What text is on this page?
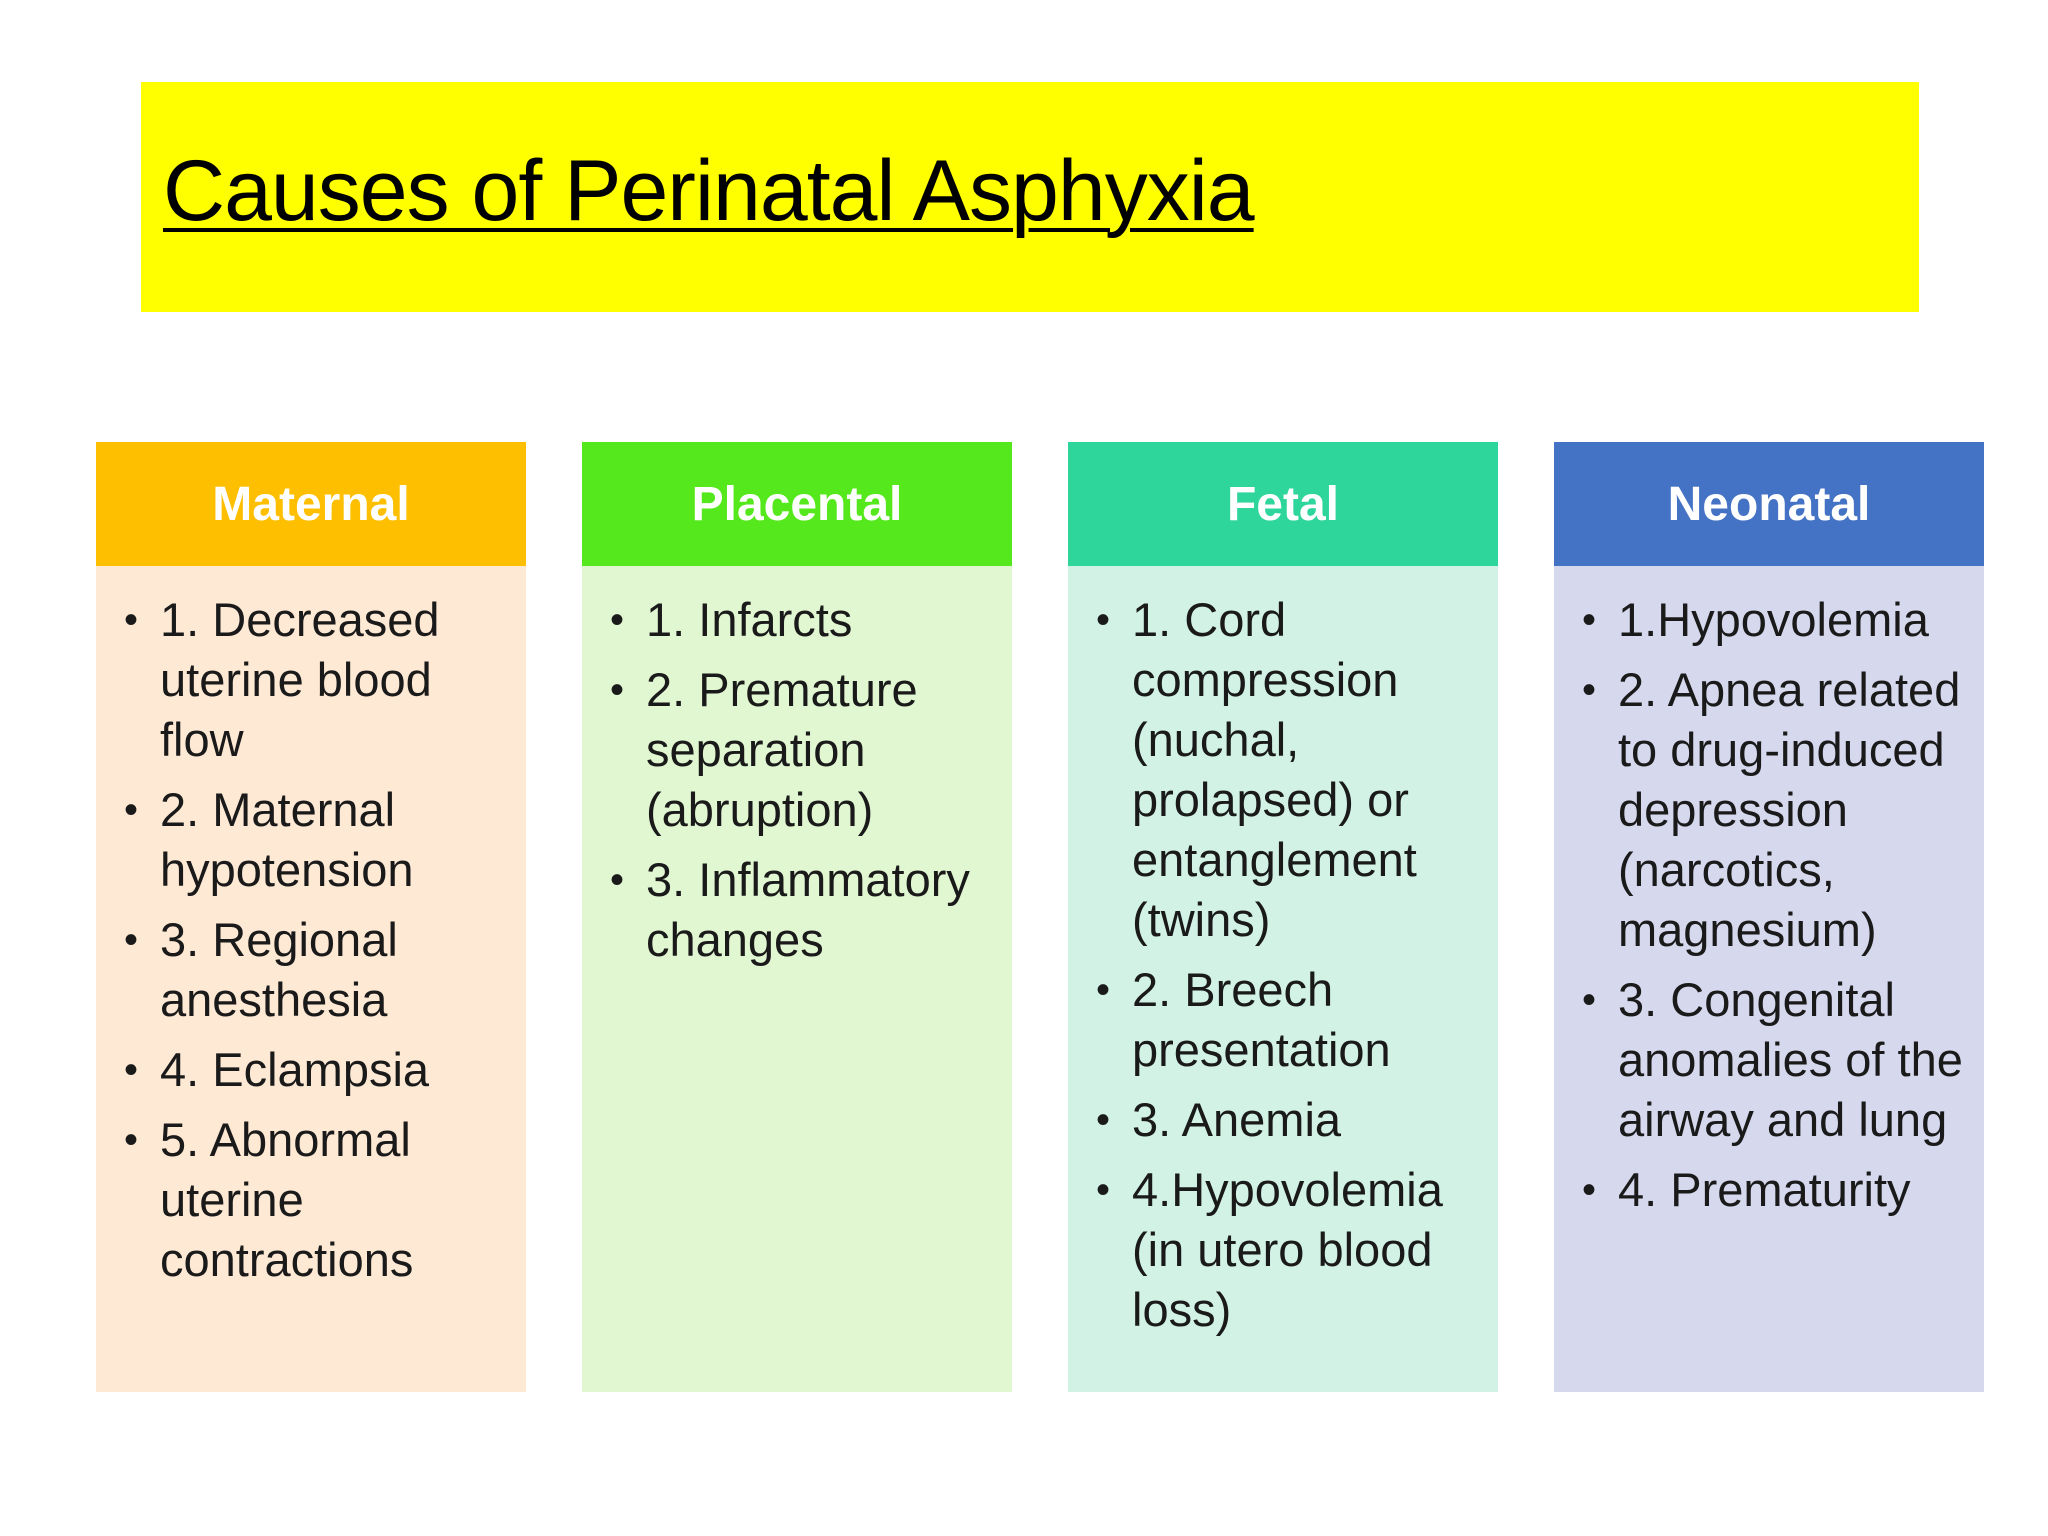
Causes of Perinatal Asphyxia
Maternal
• 1. Decreased uterine blood flow
• 2. Maternal hypotension
• 3. Regional anesthesia
• 4. Eclampsia
• 5. Abnormal uterine contractions
Placental
• 1. Infarcts
• 2. Premature separation (abruption)
• 3. Inflammatory changes
Fetal
• 1. Cord compression (nuchal, prolapsed) or entanglement (twins)
• 2. Breech presentation
• 3. Anemia
• 4.Hypovolemia (in utero blood loss)
Neonatal
• 1.Hypovolemia
• 2. Apnea related to drug-induced depression (narcotics, magnesium)
• 3. Congenital anomalies of the airway and lung
• 4. Prematurity
